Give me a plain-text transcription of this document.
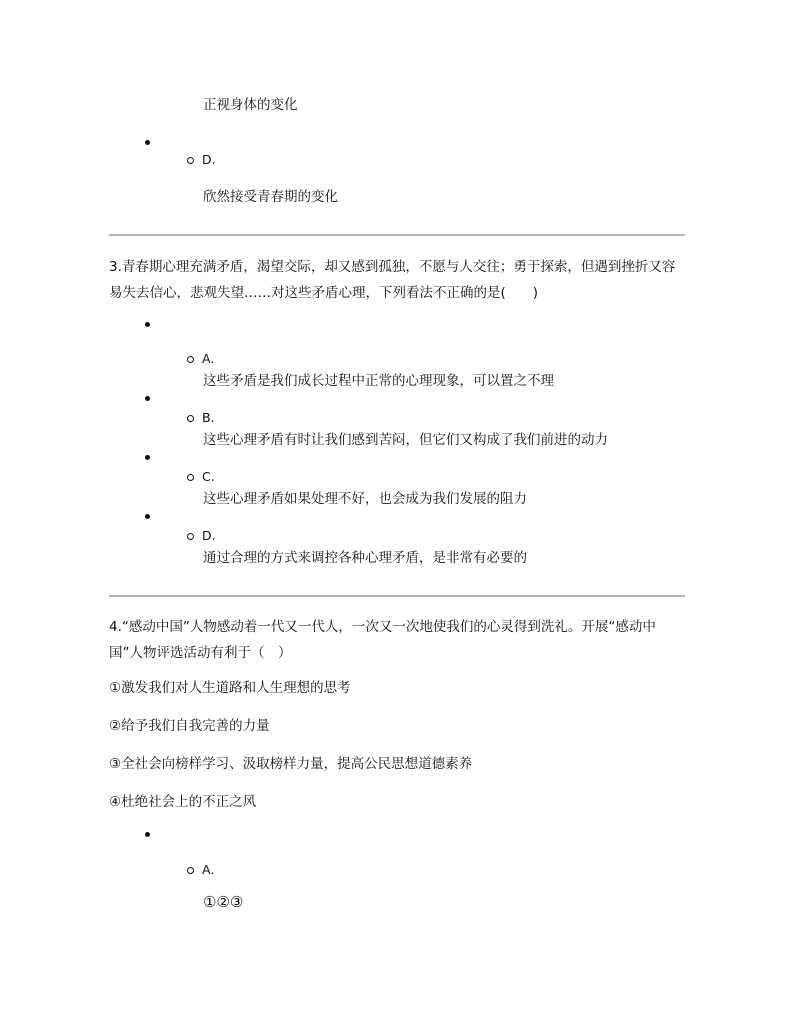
正视身体的变化
D.
欣然接受青春期的变化
3.青春期心理充满矛盾，渴望交际，却又感到孤独，不愿与人交往；勇于探索，但遇到挫折又容易失去信心，悲观失望……对这些矛盾心理，下列看法不正确的是(　　)
A.
这些矛盾是我们成长过程中正常的心理现象，可以置之不理
B.
这些心理矛盾有时让我们感到苦闷，但它们又构成了我们前进的动力
C.
这些心理矛盾如果处理不好，也会成为我们发展的阻力
D.
通过合理的方式来调控各种心理矛盾，是非常有必要的
4.“感动中国”人物感动着一代又一代人，一次又一次地使我们的心灵得到洗礼。开展“感动中国”人物评选活动有利于（　）
①激发我们对人生道路和人生理想的思考
②给予我们自我完善的力量
③全社会向榜样学习、汲取榜样力量，提高公民思想道德素养
④杜绝社会上的不正之风
A.
①②③
